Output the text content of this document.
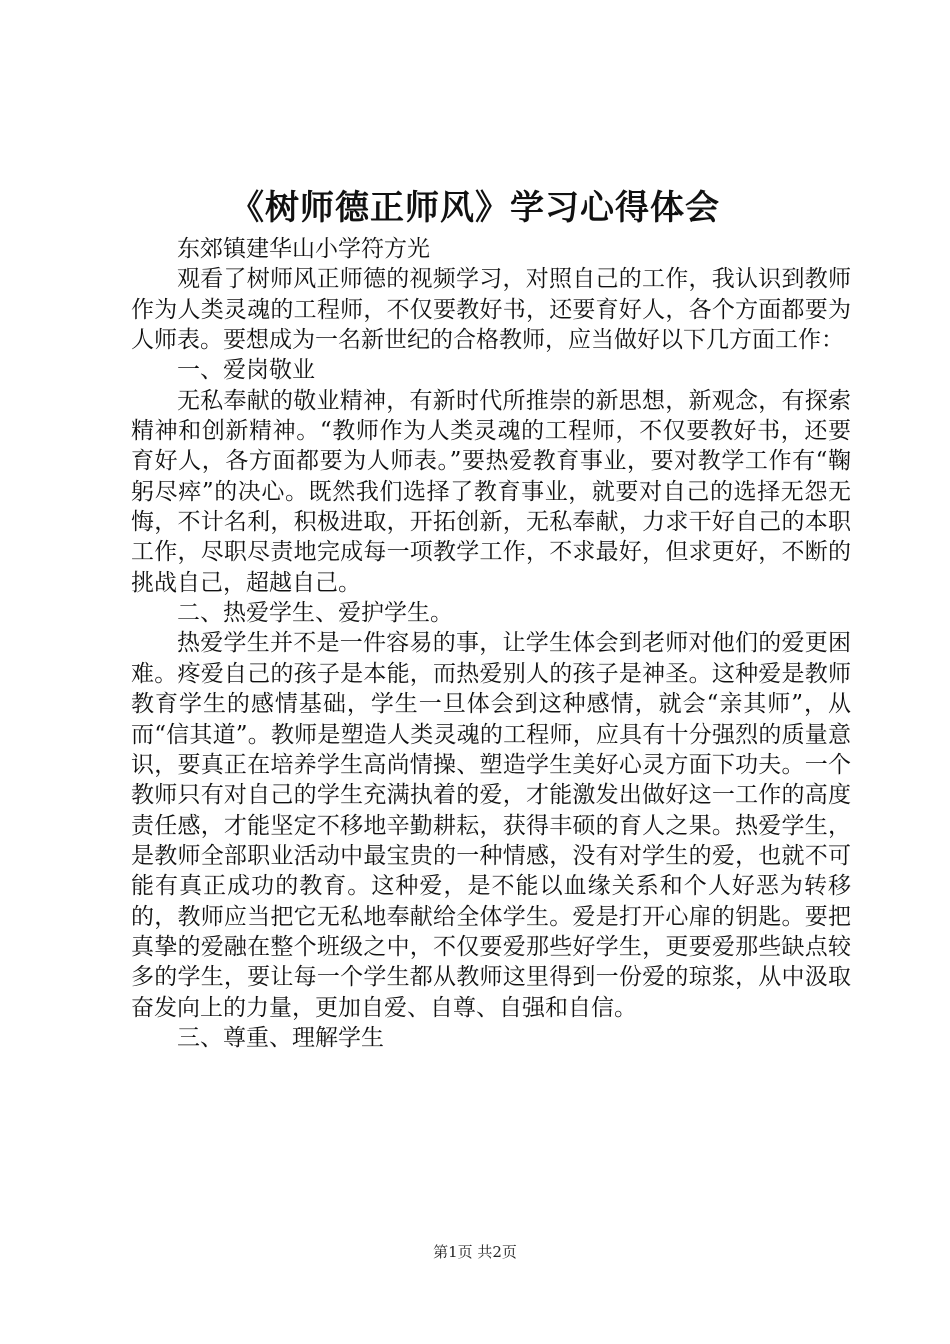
《树师德正师风》学习心得体会

东郊镇建华山小学符方光

观看了树师风正师德的视频学习，对照自己的工作，我认识到教师作为人类灵魂的工程师，不仅要教好书，还要育好人，各个方面都要为人师表。要想成为一名新世纪的合格教师，应当做好以下几方面工作：

一、爱岗敬业

无私奉献的敬业精神，有新时代所推崇的新思想，新观念，有探索精神和创新精神。“教师作为人类灵魂的工程师，不仅要教好书，还要育好人，各方面都要为人师表。”要热爱教育事业，要对教学工作有“鞠躬尽瘁”的决心。既然我们选择了教育事业，就要对自己的选择无怨无悔，不计名利，积极进取，开拓创新，无私奉献，力求干好自己的本职工作，尽职尽责地完成每一项教学工作，不求最好，但求更好，不断的挑战自己，超越自己。

二、热爱学生、爱护学生。

热爱学生并不是一件容易的事，让学生体会到老师对他们的爱更困难。疼爱自己的孩子是本能，而热爱别人的孩子是神圣。这种爱是教师教育学生的感情基础，学生一旦体会到这种感情，就会“亲其师”，从而“信其道”。教师是塑造人类灵魂的工程师，应具有十分强烈的质量意识，要真正在培养学生高尚情操、塑造学生美好心灵方面下功夫。一个教师只有对自己的学生充满执着的爱，才能激发出做好这一工作的高度责任感，才能坚定不移地辛勤耕耘，获得丰硕的育人之果。热爱学生，是教师全部职业活动中最宝贵的一种情感，没有对学生的爱，也就不可能有真正成功的教育。这种爱，是不能以血缘关系和个人好恶为转移的，教师应当把它无私地奉献给全体学生。爱是打开心扉的钥匙。要把真挚的爱融在整个班级之中，不仅要爱那些好学生，更要爱那些缺点较多的学生，要让每一个学生都从教师这里得到一份爱的琼浆，从中汲取奋发向上的力量，更加自爱、自尊、自强和自信。

三、尊重、理解学生

第1页 共2页
